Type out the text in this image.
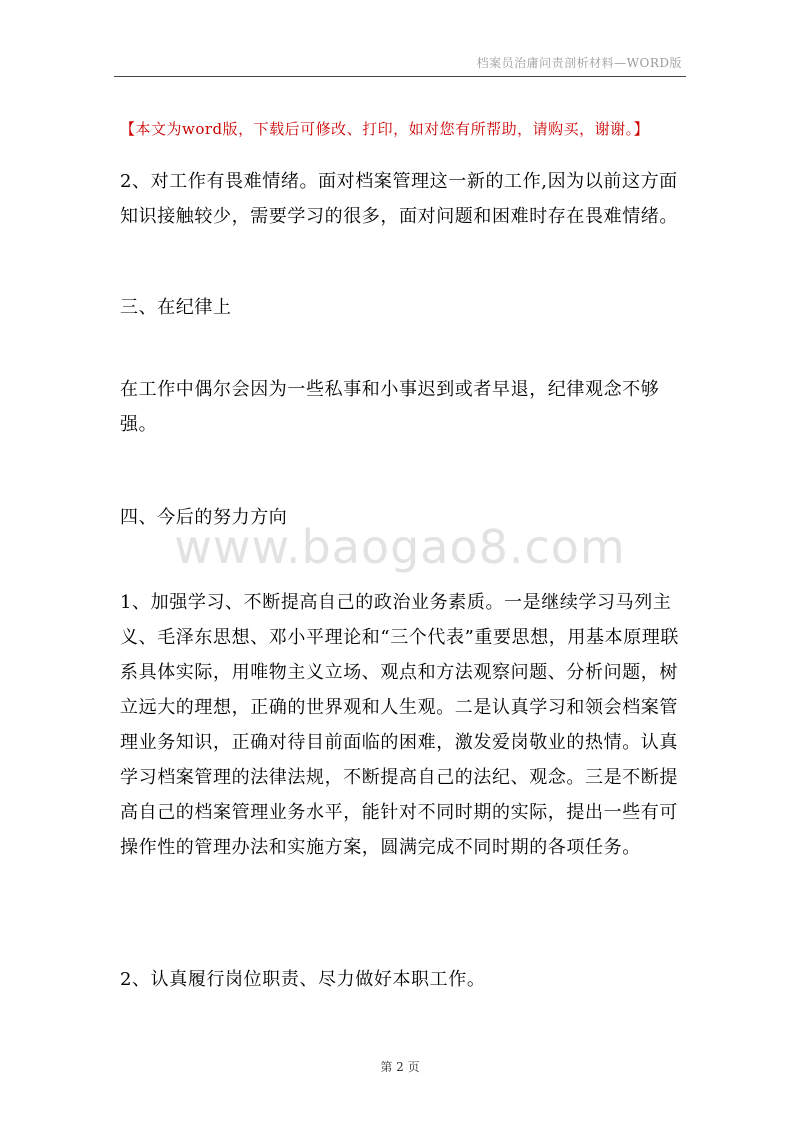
档案员治庸问责剖析材料—WORD版
【本文为word版，下载后可修改、打印，如对您有所帮助，请购买，谢谢。】
2、对工作有畏难情绪。面对档案管理这一新的工作,因为以前这方面知识接触较少，需要学习的很多，面对问题和困难时存在畏难情绪。
三、在纪律上
在工作中偶尔会因为一些私事和小事迟到或者早退，纪律观念不够强。
四、今后的努力方向
www.baogao8.com
1、加强学习、不断提高自己的政治业务素质。一是继续学习马列主义、毛泽东思想、邓小平理论和“三个代表”重要思想，用基本原理联系具体实际，用唯物主义立场、观点和方法观察问题、分析问题，树立远大的理想，正确的世界观和人生观。二是认真学习和领会档案管理业务知识，正确对待目前面临的困难，激发爱岗敬业的热情。认真学习档案管理的法律法规，不断提高自己的法纪、观念。三是不断提高自己的档案管理业务水平，能针对不同时期的实际，提出一些有可操作性的管理办法和实施方案，圆满完成不同时期的各项任务。
2、认真履行岗位职责、尽力做好本职工作。
第 2 页
